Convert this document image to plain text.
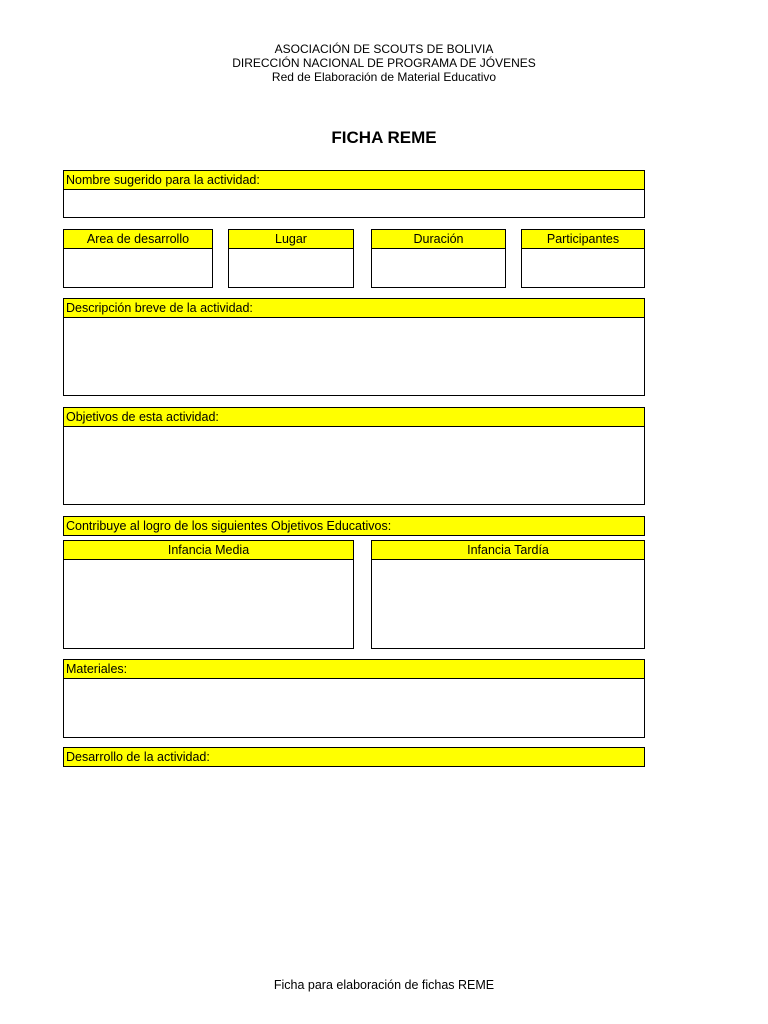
ASOCIACIÓN DE SCOUTS DE BOLIVIA
DIRECCIÓN NACIONAL DE PROGRAMA DE JÓVENES
Red de Elaboración de Material Educativo
FICHA REME
Nombre sugerido para la actividad:
Area de desarrollo	Lugar	Duración	Participantes
Descripción breve de la actividad:
Objetivos de esta actividad:
Contribuye al logro de los siguientes Objetivos Educativos:
Infancia Media	Infancia Tardía
Materiales:
Desarrollo de la actividad:
Ficha para elaboración de fichas REME
